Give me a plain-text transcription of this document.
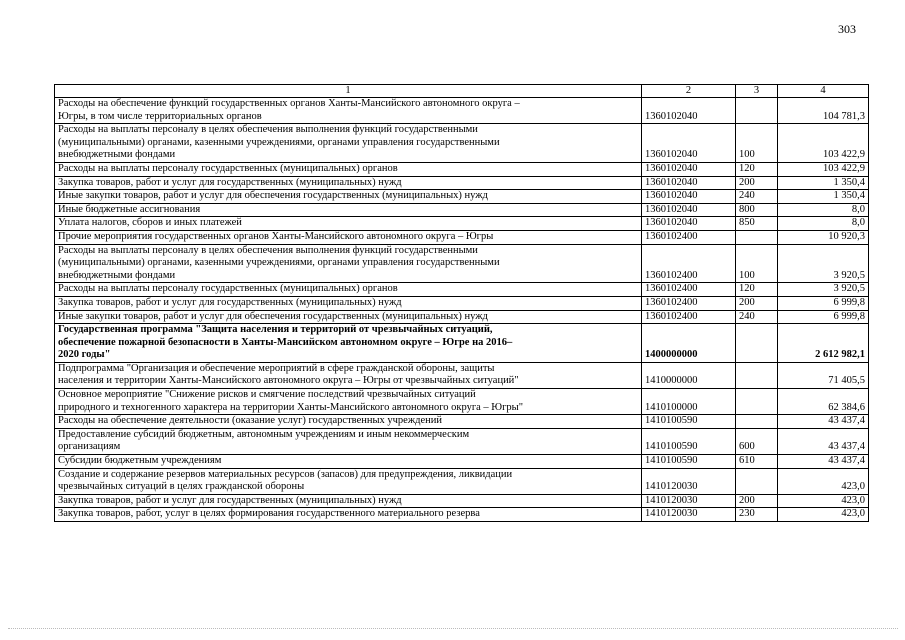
303
1	2	3	4
Расходы на обеспечение функций государственных органов Ханты-Мансийского автономного округа –
Югры, в том числе территориальных органов	1360102040		104 781,3
Расходы на выплаты персоналу в целях обеспечения выполнения функций государственными
(муниципальными) органами, казенными учреждениями, органами управления государственными
внебюджетными фондами	1360102040	100	103 422,9
Расходы на выплаты персоналу государственных (муниципальных) органов	1360102040	120	103 422,9
Закупка товаров, работ и услуг для государственных (муниципальных) нужд	1360102040	200	1 350,4
Иные закупки товаров, работ и услуг для обеспечения государственных (муниципальных) нужд	1360102040	240	1 350,4
Иные бюджетные ассигнования	1360102040	800	8,0
Уплата налогов, сборов и иных платежей	1360102040	850	8,0
Прочие мероприятия государственных органов Ханты-Мансийского автономного округа – Югры	1360102400		10 920,3
Расходы на выплаты персоналу в целях обеспечения выполнения функций государственными
(муниципальными) органами, казенными учреждениями, органами управления государственными
внебюджетными фондами	1360102400	100	3 920,5
Расходы на выплаты персоналу государственных (муниципальных) органов	1360102400	120	3 920,5
Закупка товаров, работ и услуг для государственных (муниципальных) нужд	1360102400	200	6 999,8
Иные закупки товаров, работ и услуг для обеспечения государственных (муниципальных) нужд	1360102400	240	6 999,8
Государственная программа "Защита населения и территорий от чрезвычайных ситуаций,
обеспечение пожарной безопасности в Ханты-Мансийском автономном округе – Югре на 2016–
2020 годы"	1400000000		2 612 982,1
Подпрограмма "Организация и обеспечение мероприятий в сфере гражданской обороны, защиты
населения и территории Ханты-Мансийского автономного округа – Югры от чрезвычайных ситуаций"	1410000000		71 405,5
Основное мероприятие "Снижение рисков и смягчение последствий чрезвычайных ситуаций
природного и техногенного характера на территории Ханты-Мансийского автономного округа – Югры"	1410100000		62 384,6
Расходы на обеспечение деятельности (оказание услуг) государственных учреждений	1410100590		43 437,4
Предоставление субсидий бюджетным, автономным учреждениям и иным некоммерческим
организациям	1410100590	600	43 437,4
Субсидии бюджетным учреждениям	1410100590	610	43 437,4
Создание и содержание резервов материальных ресурсов (запасов) для предупреждения, ликвидации
чрезвычайных ситуаций в целях гражданской обороны	1410120030		423,0
Закупка товаров, работ и услуг для государственных (муниципальных) нужд	1410120030	200	423,0
Закупка товаров, работ, услуг в целях формирования государственного материального резерва	1410120030	230	423,0
